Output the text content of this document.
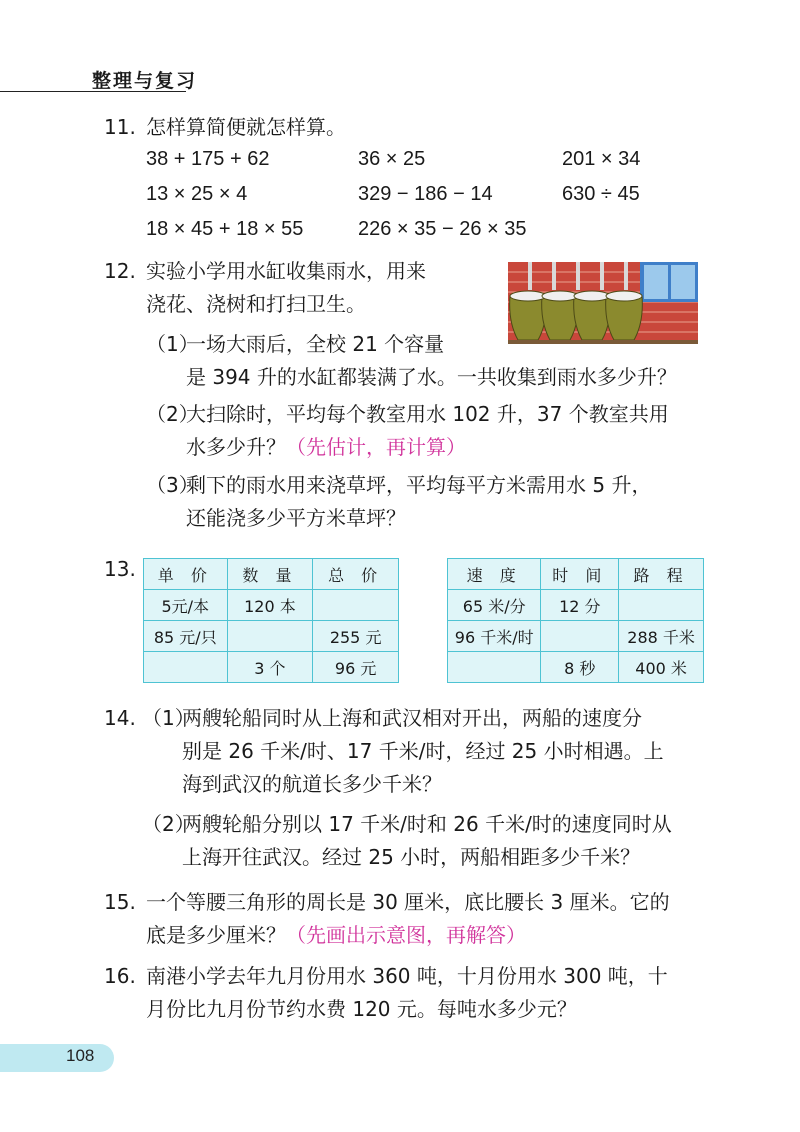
整理与复习
11. 怎样算简便就怎样算。
38 + 175 + 62	36 × 25	201 × 34
13 × 25 × 4	329 − 186 − 14	630 ÷ 45
18 × 45 + 18 × 55	226 × 35 − 26 × 35
12. 实验小学用水缸收集雨水，用来
浇花、浇树和打扫卫生。
（1）
一场大雨后，全校 21 个容量
是 394 升的水缸都装满了水。一共收集到雨水多少升？
（2）
大扫除时，平均每个教室用水 102 升，37 个教室共用
水多少升？（先估计，再计算）
（3）
剩下的雨水用来浇草坪，平均每平方米需用水 5 升，
还能浇多少平方米草坪？
13. 单 价	数 量	总 价
5元/本	120 本	
85 元/只		255 元
	3 个	96 元
速 度	时 间	路 程
65 米/分	12 分	
96 千米/时		288 千米
	8 秒	400 米
14. （1）
两艘轮船同时从上海和武汉相对开出，两船的速度分
别是 26 千米/时、17 千米/时，经过 25 小时相遇。上
海到武汉的航道长多少千米？
（2）
两艘轮船分别以 17 千米/时和 26 千米/时的速度同时从
上海开往武汉。经过 25 小时，两船相距多少千米？
15. 一个等腰三角形的周长是 30 厘米，底比腰长 3 厘米。它的
底是多少厘米？（先画出示意图，再解答）
16. 南港小学去年九月份用水 360 吨，十月份用水 300 吨，十
月份比九月份节约水费 120 元。每吨水多少元？
108
